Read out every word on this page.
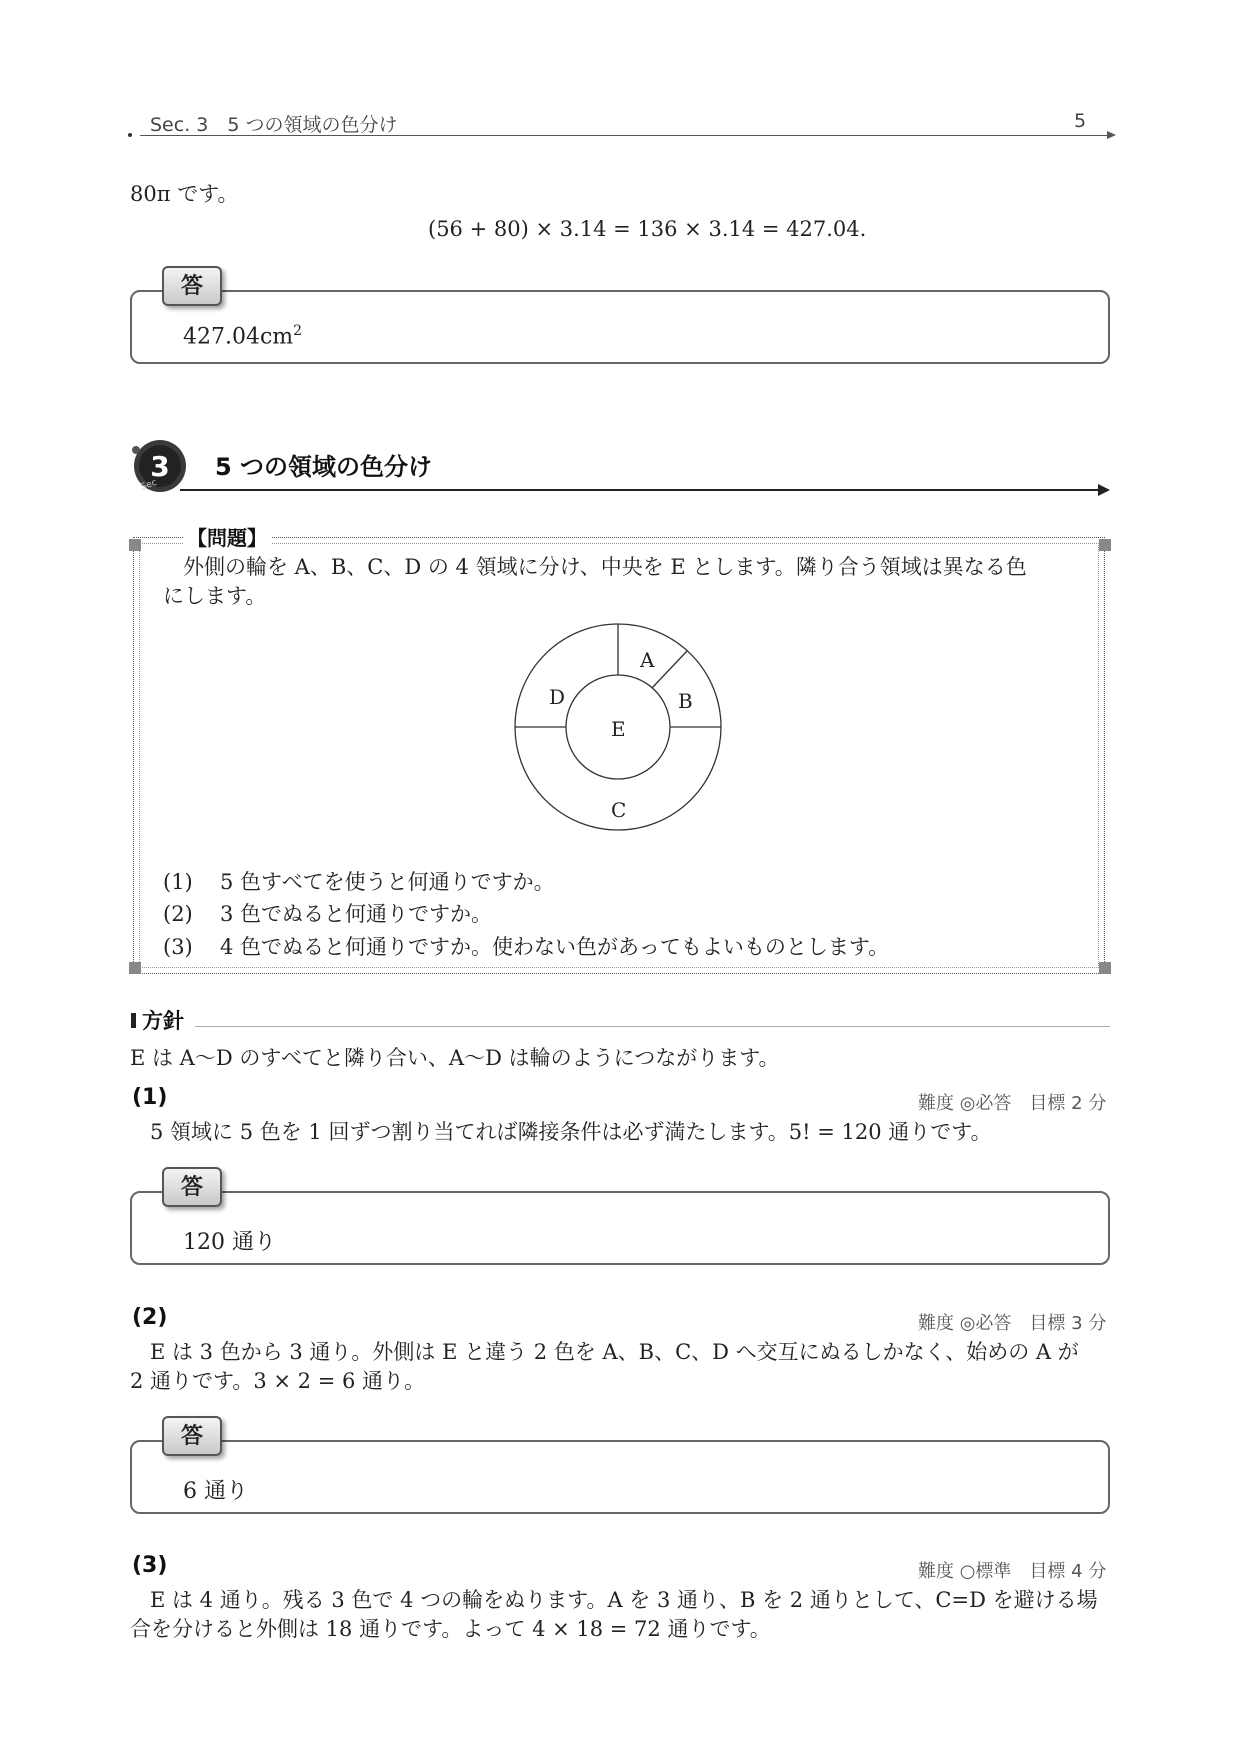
Sec. 3　5 つの領域の色分け	5
80π です。
(56 + 80) × 3.14 = 136 × 3.14 = 427.04.
答
$427.04cm^2$
3
Sec
5 つの領域の色分け
【問題】
外側の輪を A、B、C、D の 4 領域に分け、中央を E とします。隣り合う領域は異なる色
にします。
A
B
C
D
E
(1) 5 色すべてを使うと何通りですか。
(2) 3 色でぬると何通りですか。
(3) 4 色でぬると何通りですか。使わない色があってもよいものとします。
方針
E は A〜D のすべてと隣り合い、A〜D は輪のようにつながります。
(1)	難度 ◎必答　目標 2 分
5 領域に 5 色を 1 回ずつ割り当てれば隣接条件は必ず満たします。5! = 120 通りです。
答
120 通り
(2)	難度 ◎必答　目標 3 分
E は 3 色から 3 通り。外側は E と違う 2 色を A、B、C、D へ交互にぬるしかなく、始めの A が
2 通りです。3 × 2 = 6 通り。
答
6 通り
(3)	難度 ○標準　目標 4 分
E は 4 通り。残る 3 色で 4 つの輪をぬります。A を 3 通り、B を 2 通りとして、C=D を避ける場
合を分けると外側は 18 通りです。よって 4 × 18 = 72 通りです。
